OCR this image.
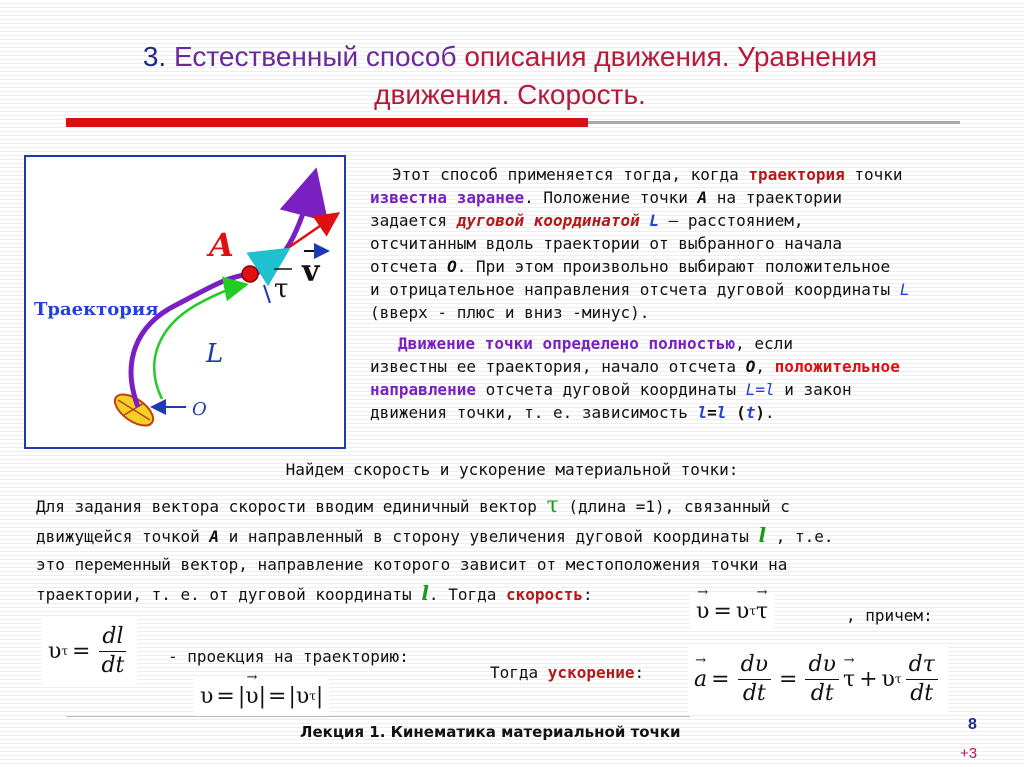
3. Естественный способ описания движения. Уравнения
движения. Скорость.
A
v
τ
Траектория
L
O
Этот способ применяется тогда, когда траектория точки
известна заранее. Положение точки A на траектории
задается дуговой координатой L – расстоянием,
отсчитанным вдоль траектории от выбранного начала
отсчета O. При этом произвольно выбирают положительное
и отрицательное направления отсчета дуговой координаты L
(вверх - плюс и вниз -минус).
Движение точки определено полностью, если
известны ее траектория, начало отсчета O, положительное
направление отсчета дуговой координаты L=l и закон
движения точки, т. е. зависимость l=l (t).
Найдем скорость и ускорение материальной точки:
Для задания вектора скорости вводим единичный вектор τ (длина =1), связанный с
движущейся точкой A и направленный в сторону увеличения дуговой координаты l , т.е.
это переменный вектор, направление которого зависит от местоположения точки на
траектории, т. е. от дуговой координаты l. Тогда скорость:
→ υ = υ τ
→ τ	, причем:
υ $\tau = \frac{dl}{dt}$	- проекция на траекторию:
Тогда ускорение:
→ $a = \frac{d\upsilon}{dt} = \frac{d\upsilon}{dt}$
→ τ + υ τ $\frac{d\tau}{dt}$
υ = |
→ υ | = | υ τ |
Лекция 1. Кинематика материальной точки	8
+3
